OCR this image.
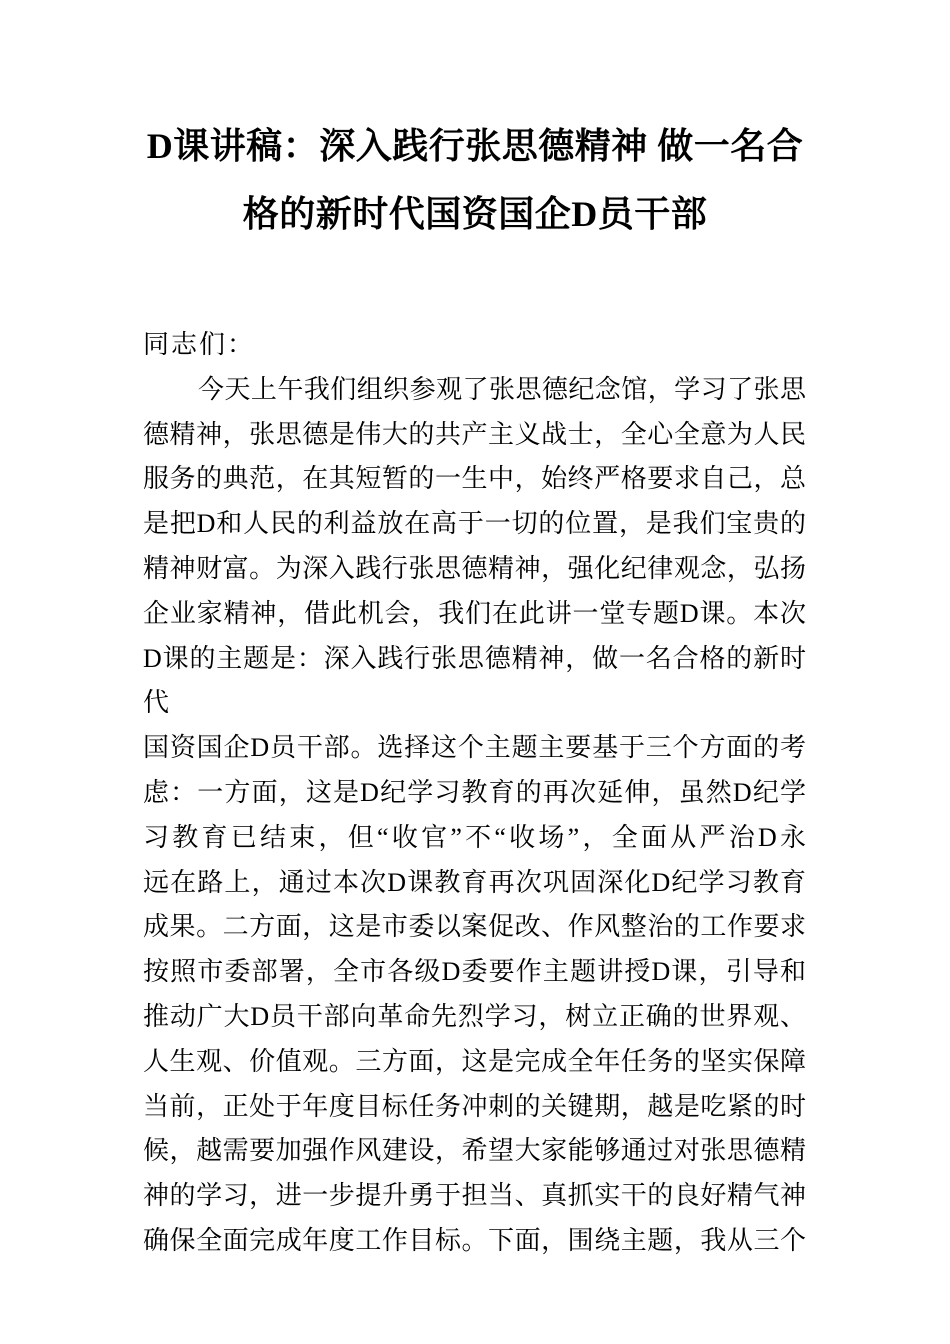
D课讲稿：深入践行张思德精神 做一名合
格的新时代国资国企D员干部
同志们：
今天上午我们组织参观了张思德纪念馆，学习了张思
德精神，张思德是伟大的共产主义战士，全心全意为人民
服务的典范，在其短暂的一生中，始终严格要求自己，总
是把D和人民的利益放在高于一切的位置，是我们宝贵的
精神财富。为深入践行张思德精神，强化纪律观念，弘扬
企业家精神，借此机会，我们在此讲一堂专题D课。本次
D课的主题是：深入践行张思德精神，做一名合格的新时代
国资国企D员干部。选择这个主题主要基于三个方面的考
虑：一方面，这是D纪学习教育的再次延伸，虽然D纪学
习教育已结束，但“收官”不“收场”，全面从严治D永
远在路上，通过本次D课教育再次巩固深化D纪学习教育
成果。二方面，这是市委以案促改、作风整治的工作要求
按照市委部署，全市各级D委要作主题讲授D课，引导和
推动广大D员干部向革命先烈学习，树立正确的世界观、
人生观、价值观。三方面，这是完成全年任务的坚实保障
当前，正处于年度目标任务冲刺的关键期，越是吃紧的时
候，越需要加强作风建设，希望大家能够通过对张思德精
神的学习，进一步提升勇于担当、真抓实干的良好精气神
确保全面完成年度工作目标。下面，围绕主题，我从三个
